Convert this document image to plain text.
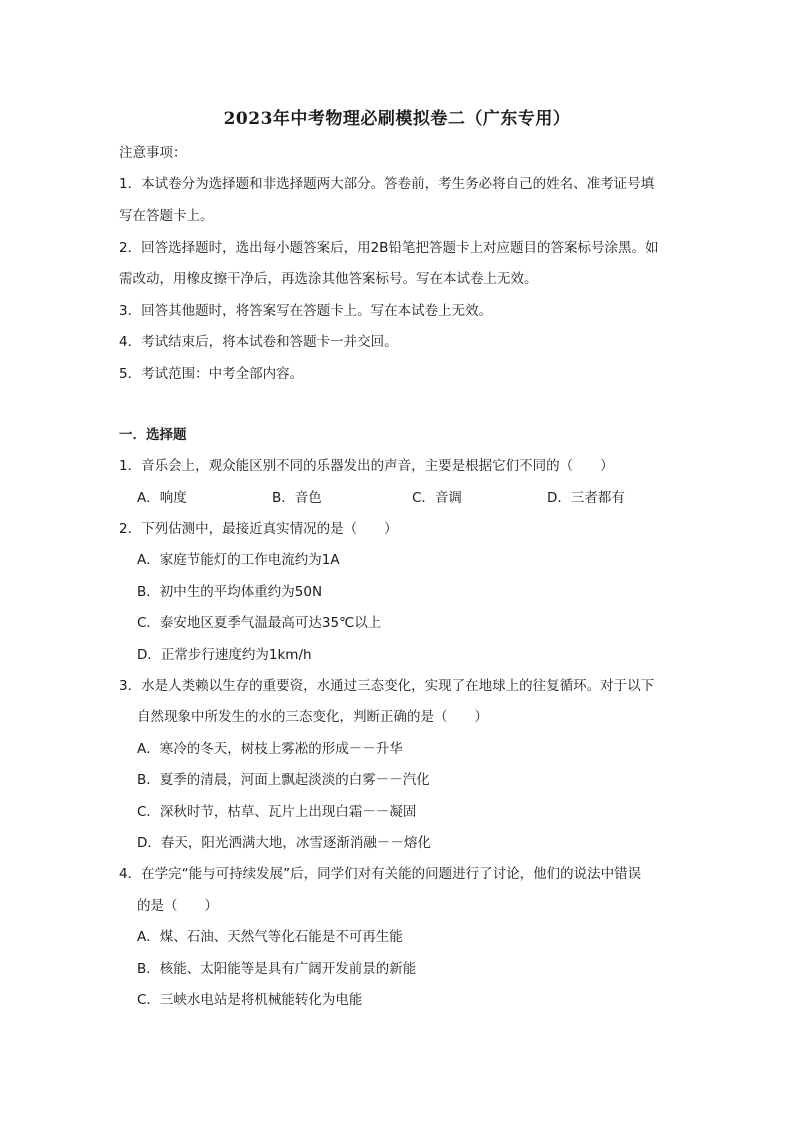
2023年中考物理必刷模拟卷二（广东专用）
注意事项：
1．本试卷分为选择题和非选择题两大部分。答卷前，考生务必将自己的姓名、准考证号填
写在答题卡上。
2．回答选择题时，选出每小题答案后，用2B铅笔把答题卡上对应题目的答案标号涂黑。如
需改动，用橡皮擦干净后，再选涂其他答案标号。写在本试卷上无效。
3．回答其他题时，将答案写在答题卡上。写在本试卷上无效。
4．考试结束后，将本试卷和答题卡一并交回。
5．考试范围：中考全部内容。
一．选择题
1．音乐会上，观众能区别不同的乐器发出的声音，主要是根据它们不同的（　　）
A．响度	B．音色	C．音调	D．三者都有
2．下列估测中，最接近真实情况的是（　　）
A．家庭节能灯的工作电流约为1A
B．初中生的平均体重约为50N
C．泰安地区夏季气温最高可达35℃以上
D．正常步行速度约为1km/h
3．水是人类赖以生存的重要资，水通过三态变化，实现了在地球上的往复循环。对于以下
自然现象中所发生的水的三态变化，判断正确的是（　　）
A．寒冷的冬天，树枝上雾凇的形成－－升华
B．夏季的清晨，河面上飘起淡淡的白雾－－汽化
C．深秋时节，枯草、瓦片上出现白霜－－凝固
D．春天，阳光洒满大地，冰雪逐渐消融－－熔化
4．在学完“能与可持续发展”后，同学们对有关能的问题进行了讨论，他们的说法中错误
的是（　　）
A．煤、石油、天然气等化石能是不可再生能
B．核能、太阳能等是具有广阔开发前景的新能
C．三峡水电站是将机械能转化为电能
